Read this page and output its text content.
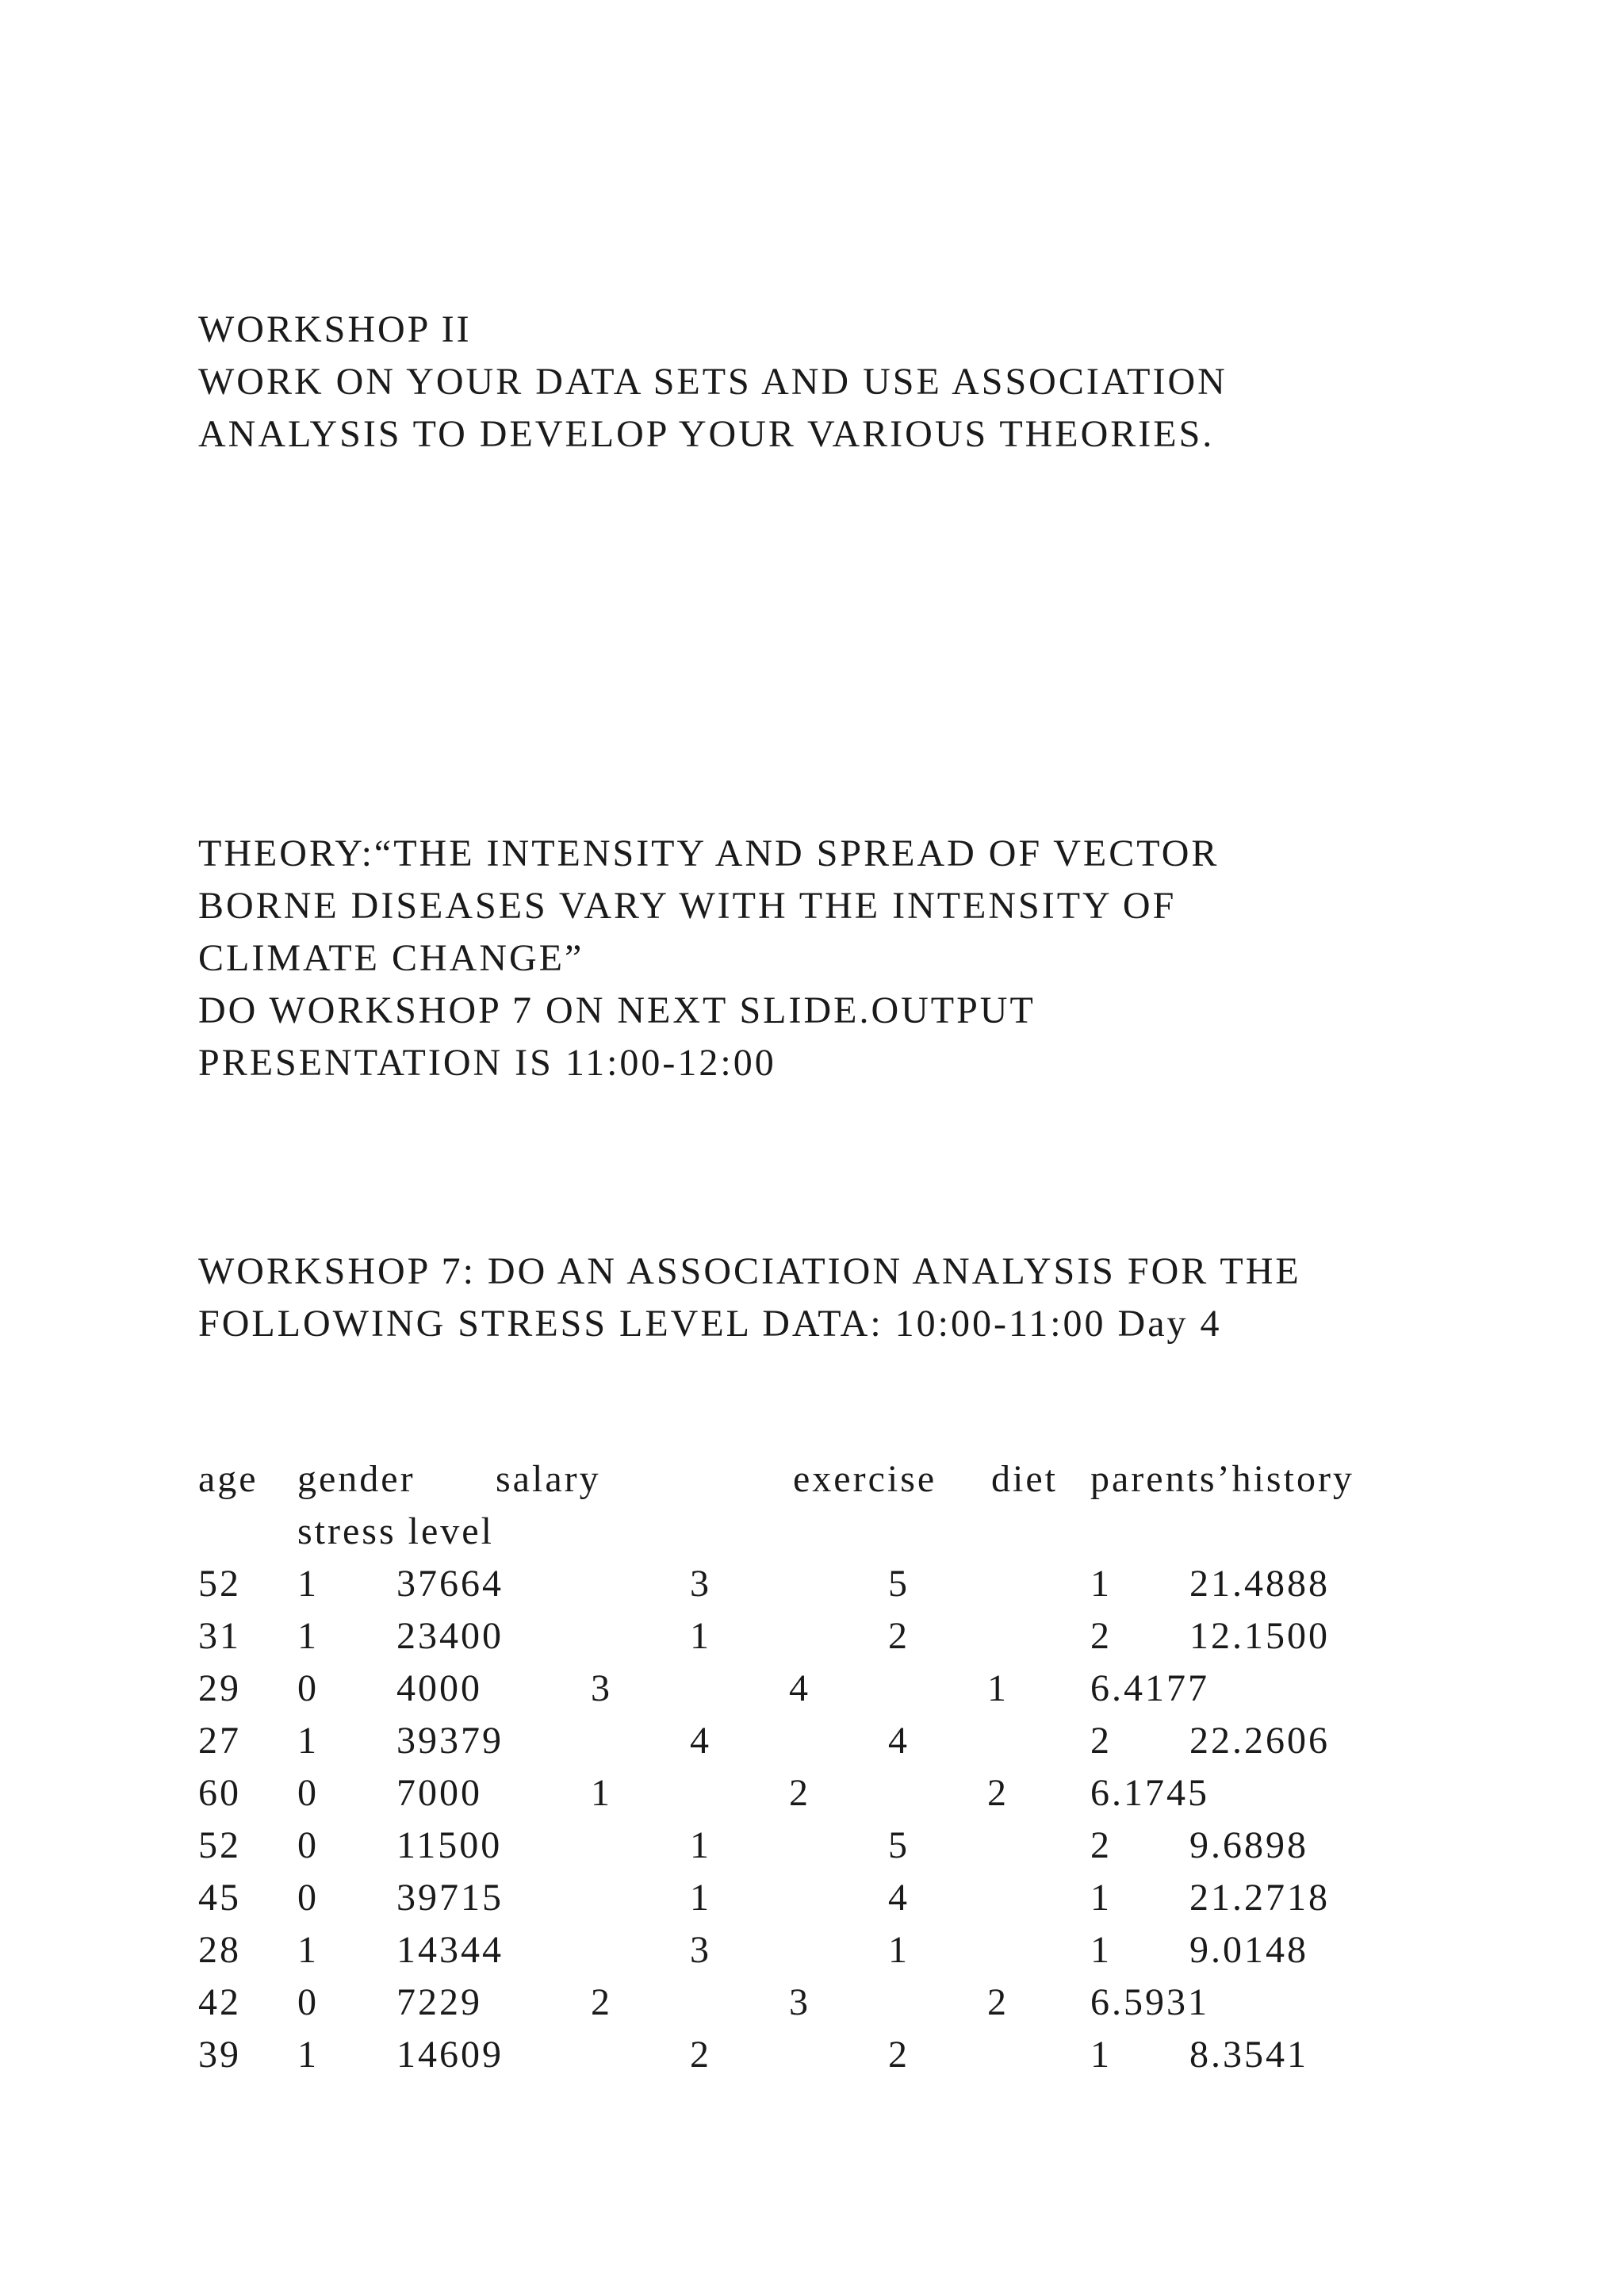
WORKSHOP II
WORK ON YOUR DATA SETS AND USE ASSOCIATION
ANALYSIS TO DEVELOP YOUR VARIOUS THEORIES.
THEORY:“THE INTENSITY AND SPREAD OF VECTOR
BORNE DISEASES VARY WITH THE INTENSITY OF
CLIMATE CHANGE”
DO WORKSHOP 7 ON NEXT SLIDE.OUTPUT
PRESENTATION IS 11:00-12:00
WORKSHOP 7: DO AN ASSOCIATION ANALYSIS FOR THE
FOLLOWING STRESS LEVEL DATA: 10:00-11:00 Day 4
age gender salary	exercise diet parents’history
stress level
52 1 37664	3	5	1 21.4888
31 1 23400	1	2	2 12.1500
29 0 4000	3	4	1 6.4177
27 1 39379	4	4	2 22.2606
60 0 7000	1	2	2 6.1745
52 0 11500	1	5	2 9.6898
45 0 39715	1	4	1 21.2718
28 1 14344	3	1	1 9.0148
42 0 7229	2	3	2 6.5931
39 1 14609	2	2	1 8.3541
